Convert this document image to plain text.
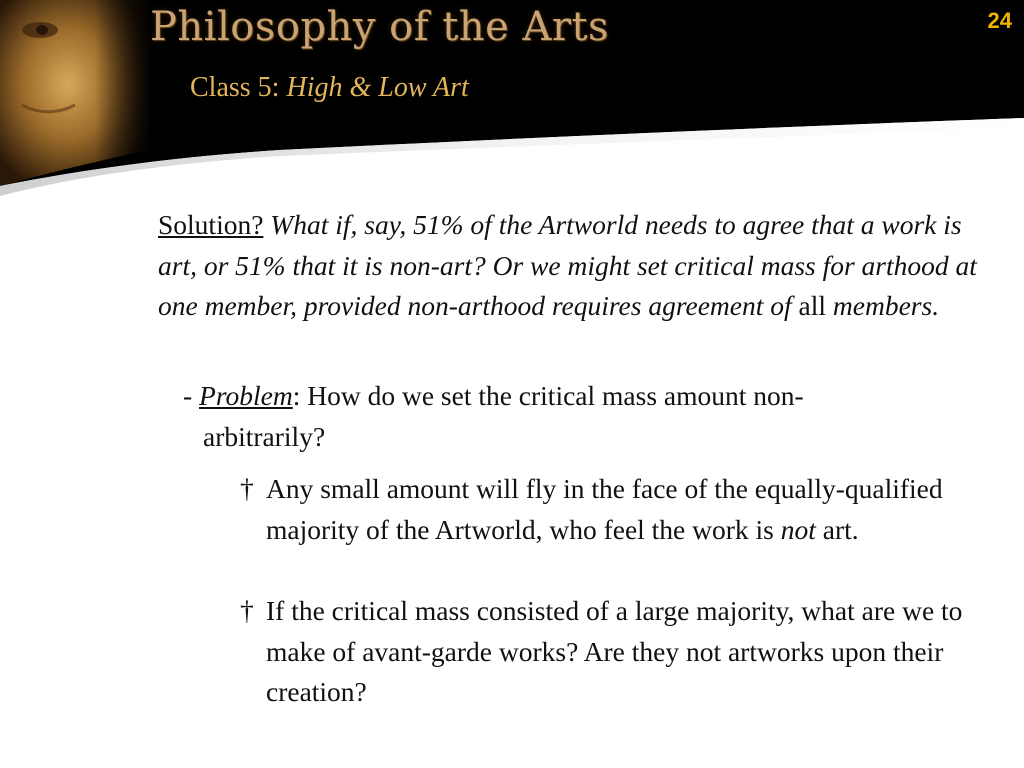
Philosophy of the Arts
Class 5: High & Low Art
24
Solution? What if, say, 51% of the Artworld needs to agree that a work is art, or 51% that it is non-art? Or we might set critical mass for arthood at one member, provided non-arthood requires agreement of all members.
- Problem: How do we set the critical mass amount non-
arbitrarily?
† Any small amount will fly in the face of the equally-qualified majority of the Artworld, who feel the work is not art.
† If the critical mass consisted of a large majority, what are we to make of avant-garde works? Are they not artworks upon their creation?
